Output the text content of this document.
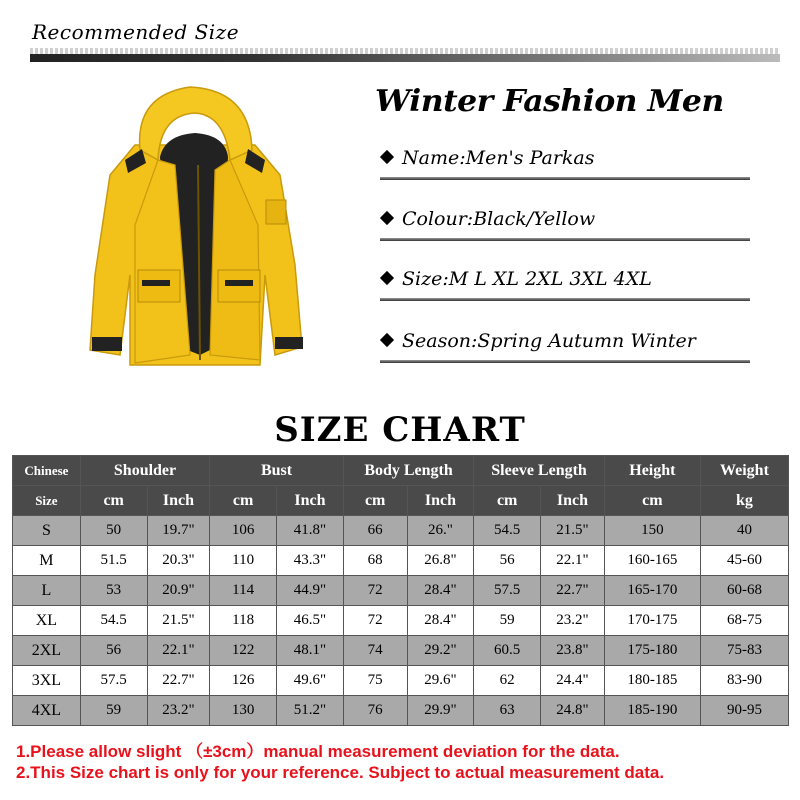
Recommended Size
Winter Fashion Men
Name:Men's Parkas
Colour:Black/Yellow
Size:M L XL 2XL 3XL 4XL
Season:Spring Autumn Winter
SIZE CHART
Chinese	Shoulder		Bust		Body Length		Sleeve Length		Height	Weight
Size	cm	Inch	cm	Inch	cm	Inch	cm	Inch	cm	kg
S	50	19.7"	106	41.8"	66	26."	54.5	21.5"	150	40
M	51.5	20.3"	110	43.3"	68	26.8"	56	22.1"	160-165	45-60
L	53	20.9"	114	44.9"	72	28.4"	57.5	22.7"	165-170	60-68
XL	54.5	21.5"	118	46.5"	72	28.4"	59	23.2"	170-175	68-75
2XL	56	22.1"	122	48.1"	74	29.2"	60.5	23.8"	175-180	75-83
3XL	57.5	22.7"	126	49.6"	75	29.6"	62	24.4"	180-185	83-90
4XL	59	23.2"	130	51.2"	76	29.9"	63	24.8"	185-190	90-95
1.Please allow slight （±3cm）manual measurement deviation for the data.
2.This Size chart is only for your reference. Subject to actual measurement data.
